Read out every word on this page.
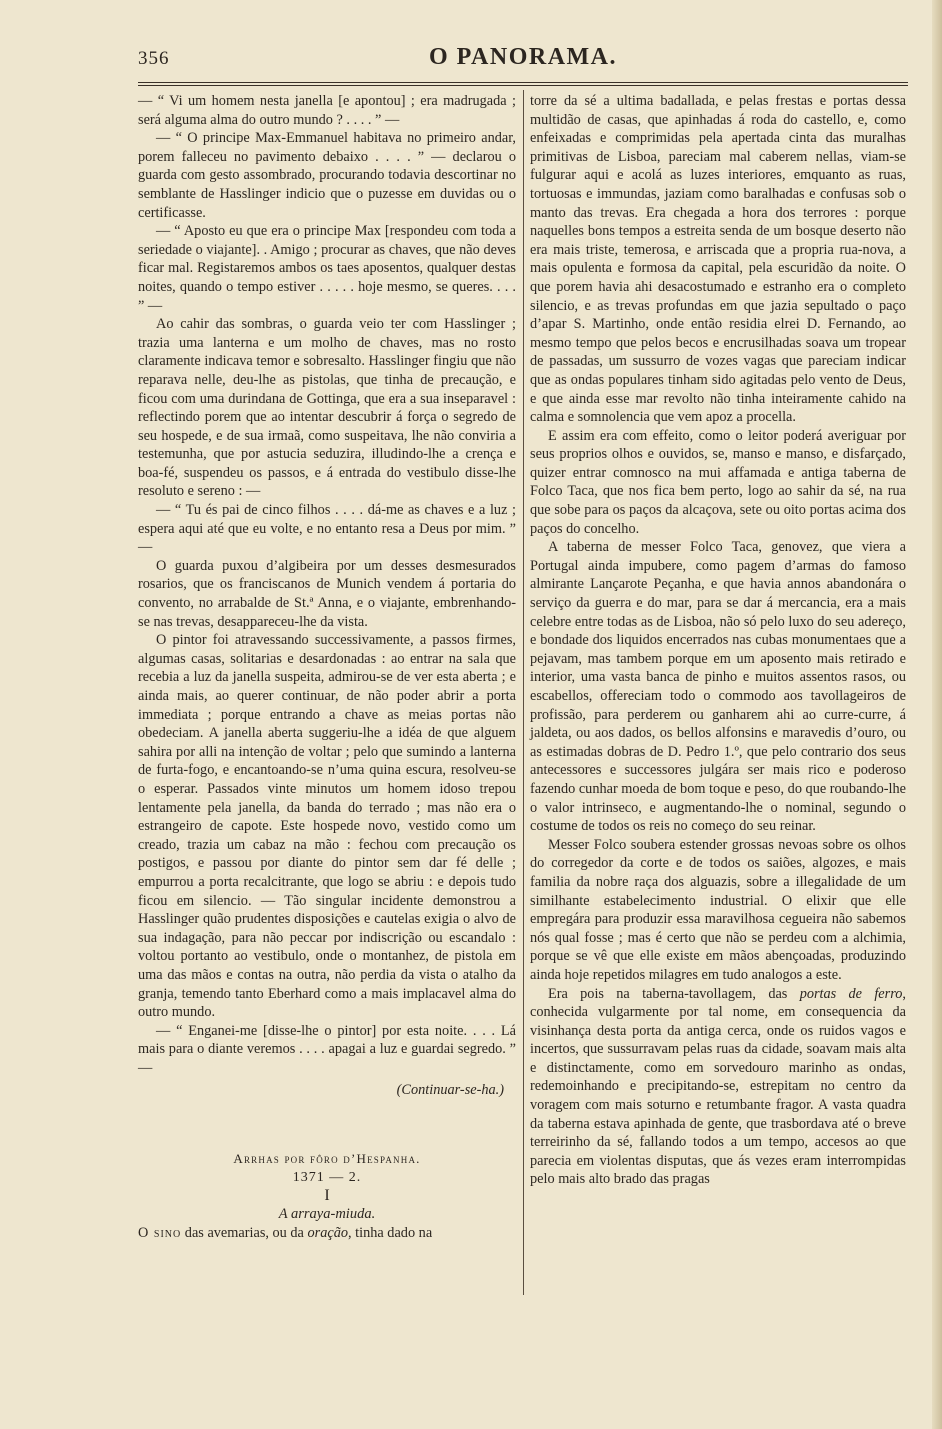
356	O PANORAMA.

— “ Vi um homem nesta janella [e apontou] ; era madrugada ; será alguma alma do outro mundo ? . . . . ” —

— “ O principe Max-Emmanuel habitava no primeiro andar, porem falleceu no pavimento debaixo . . . . ” — declarou o guarda com gesto assombrado, procurando todavia descortinar no semblante de Hasslinger indicio que o puzesse em duvidas ou o certificasse.

— “ Aposto eu que era o principe Max [respondeu com toda a seriedade o viajante]. . Amigo ; procurar as chaves, que não deves ficar mal. Registaremos ambos os taes aposentos, qualquer destas noites, quando o tempo estiver . . . . . hoje mesmo, se queres. . . . ” —

Ao cahir das sombras, o guarda veio ter com Hasslinger ; trazia uma lanterna e um molho de chaves, mas no rosto claramente indicava temor e sobresalto. Hasslinger fingiu que não reparava nelle, deu-lhe as pistolas, que tinha de precaução, e ficou com uma durindana de Gottinga, que era a sua inseparavel : reflectindo porem que ao intentar descubrir á força o segredo de seu hospede, e de sua irmaã, como suspeitava, lhe não conviria a testemunha, que por astucia seduzira, illudindo-lhe a crença e boa-fé, suspendeu os passos, e á entrada do vestibulo disse-lhe resoluto e sereno : —

— “ Tu és pai de cinco filhos . . . . dá-me as chaves e a luz ; espera aqui até que eu volte, e no entanto resa a Deus por mim. ” —

O guarda puxou d’algibeira por um desses desmesurados rosarios, que os franciscanos de Munich vendem á portaria do convento, no arrabalde de St.ª Anna, e o viajante, embrenhando-se nas trevas, desappareceu-lhe da vista.

O pintor foi atravessando successivamente, a passos firmes, algumas casas, solitarias e desardonadas : ao entrar na sala que recebia a luz da janella suspeita, admirou-se de ver esta aberta ; e ainda mais, ao querer continuar, de não poder abrir a porta immediata ; porque entrando a chave as meias portas não obedeciam. A janella aberta suggeriu-lhe a idéa de que alguem sahira por alli na intenção de voltar ; pelo que sumindo a lanterna de furta-fogo, e encantoando-se n’uma quina escura, resolveu-se o esperar. Passados vinte minutos um homem idoso trepou lentamente pela janella, da banda do terrado ; mas não era o estrangeiro de capote. Este hospede novo, vestido como um creado, trazia um cabaz na mão : fechou com precaução os postigos, e passou por diante do pintor sem dar fé delle ; empurrou a porta recalcitrante, que logo se abriu : e depois tudo ficou em silencio. — Tão singular incidente demonstrou a Hasslinger quão prudentes disposições e cautelas exigia o alvo de sua indagação, para não peccar por indiscrição ou escandalo : voltou portanto ao vestibulo, onde o montanhez, de pistola em uma das mãos e contas na outra, não perdia da vista o atalho da granja, temendo tanto Eberhard como a mais implacavel alma do outro mundo.

— “ Enganei-me [disse-lhe o pintor] por esta noite. . . . Lá mais para o diante veremos . . . . apagai a luz e guardai segredo. ” —

(Continuar-se-ha.)
Arrhas por fôro d’Hespanha.
1371 — 2.
I
A arraya-miuda.

O sino das avemarias, ou da oração, tinha dado na

torre da sé a ultima badallada, e pelas frestas e portas dessa multidão de casas, que apinhadas á roda do castello, e, como enfeixadas e comprimidas pela apertada cinta das muralhas primitivas de Lisboa, pareciam mal caberem nellas, viam-se fulgurar aqui e acolá as luzes interiores, emquanto as ruas, tortuosas e immundas, jaziam como baralhadas e confusas sob o manto das trevas. Era chegada a hora dos terrores : porque naquelles bons tempos a estreita senda de um bosque deserto não era mais triste, temerosa, e arriscada que a propria rua-nova, a mais opulenta e formosa da capital, pela escuridão da noite. O que porem havia ahi desacostumado e estranho era o completo silencio, e as trevas profundas em que jazia sepultado o paço d’apar S. Martinho, onde então residia elrei D. Fernando, ao mesmo tempo que pelos becos e encrusilhadas soava um tropear de passadas, um sussurro de vozes vagas que pareciam indicar que as ondas populares tinham sido agitadas pelo vento de Deus, e que ainda esse mar revolto não tinha inteiramente cahido na calma e somnolencia que vem apoz a procella.

E assim era com effeito, como o leitor poderá averiguar por seus proprios olhos e ouvidos, se, manso e manso, e disfarçado, quizer entrar comnosco na mui affamada e antiga taberna de Folco Taca, que nos fica bem perto, logo ao sahir da sé, na rua que sobe para os paços da alcaçova, sete ou oito portas acima dos paços do concelho.

A taberna de messer Folco Taca, genovez, que viera a Portugal ainda impubere, como pagem d’armas do famoso almirante Lançarote Peçanha, e que havia annos abandonára o serviço da guerra e do mar, para se dar á mercancia, era a mais celebre entre todas as de Lisboa, não só pelo luxo do seu adereço, e bondade dos liquidos encerrados nas cubas monumentaes que a pejavam, mas tambem porque em um aposento mais retirado e interior, uma vasta banca de pinho e muitos assentos rasos, ou escabellos, offereciam todo o commodo aos tavollageiros de profissão, para perderem ou ganharem ahi ao curre-curre, á jaldeta, ou aos dados, os bellos alfonsins e maravedis d’ouro, ou as estimadas dobras de D. Pedro 1.º, que pelo contrario dos seus antecessores e successores julgára ser mais rico e poderoso fazendo cunhar moeda de bom toque e peso, do que roubando-lhe o valor intrinseco, e augmentando-lhe o nominal, segundo o costume de todos os reis no começo do seu reinar.

Messer Folco soubera estender grossas nevoas sobre os olhos do corregedor da corte e de todos os saiões, algozes, e mais familia da nobre raça dos alguazis, sobre a illegalidade de um similhante estabelecimento industrial. O elixir que elle empregára para produzir essa maravilhosa cegueira não sabemos nós qual fosse ; mas é certo que não se perdeu com a alchimia, porque se vê que elle existe em mãos abençoadas, produzindo ainda hoje repetidos milagres em tudo analogos a este.

Era pois na taberna-tavollagem, das portas de ferro, conhecida vulgarmente por tal nome, em consequencia da visinhança desta porta da antiga cerca, onde os ruidos vagos e incertos, que sussurravam pelas ruas da cidade, soavam mais alta e distinctamente, como em sorvedouro marinho as ondas, redemoinhando e precipitando-se, estrepitam no centro da voragem com mais soturno e retumbante fragor. A vasta quadra da taberna estava apinhada de gente, que trasbordava até o breve terreirinho da sé, fallando todos a um tempo, accesos ao que parecia em violentas disputas, que ás vezes eram interrompidas pelo mais alto brado das pragas
